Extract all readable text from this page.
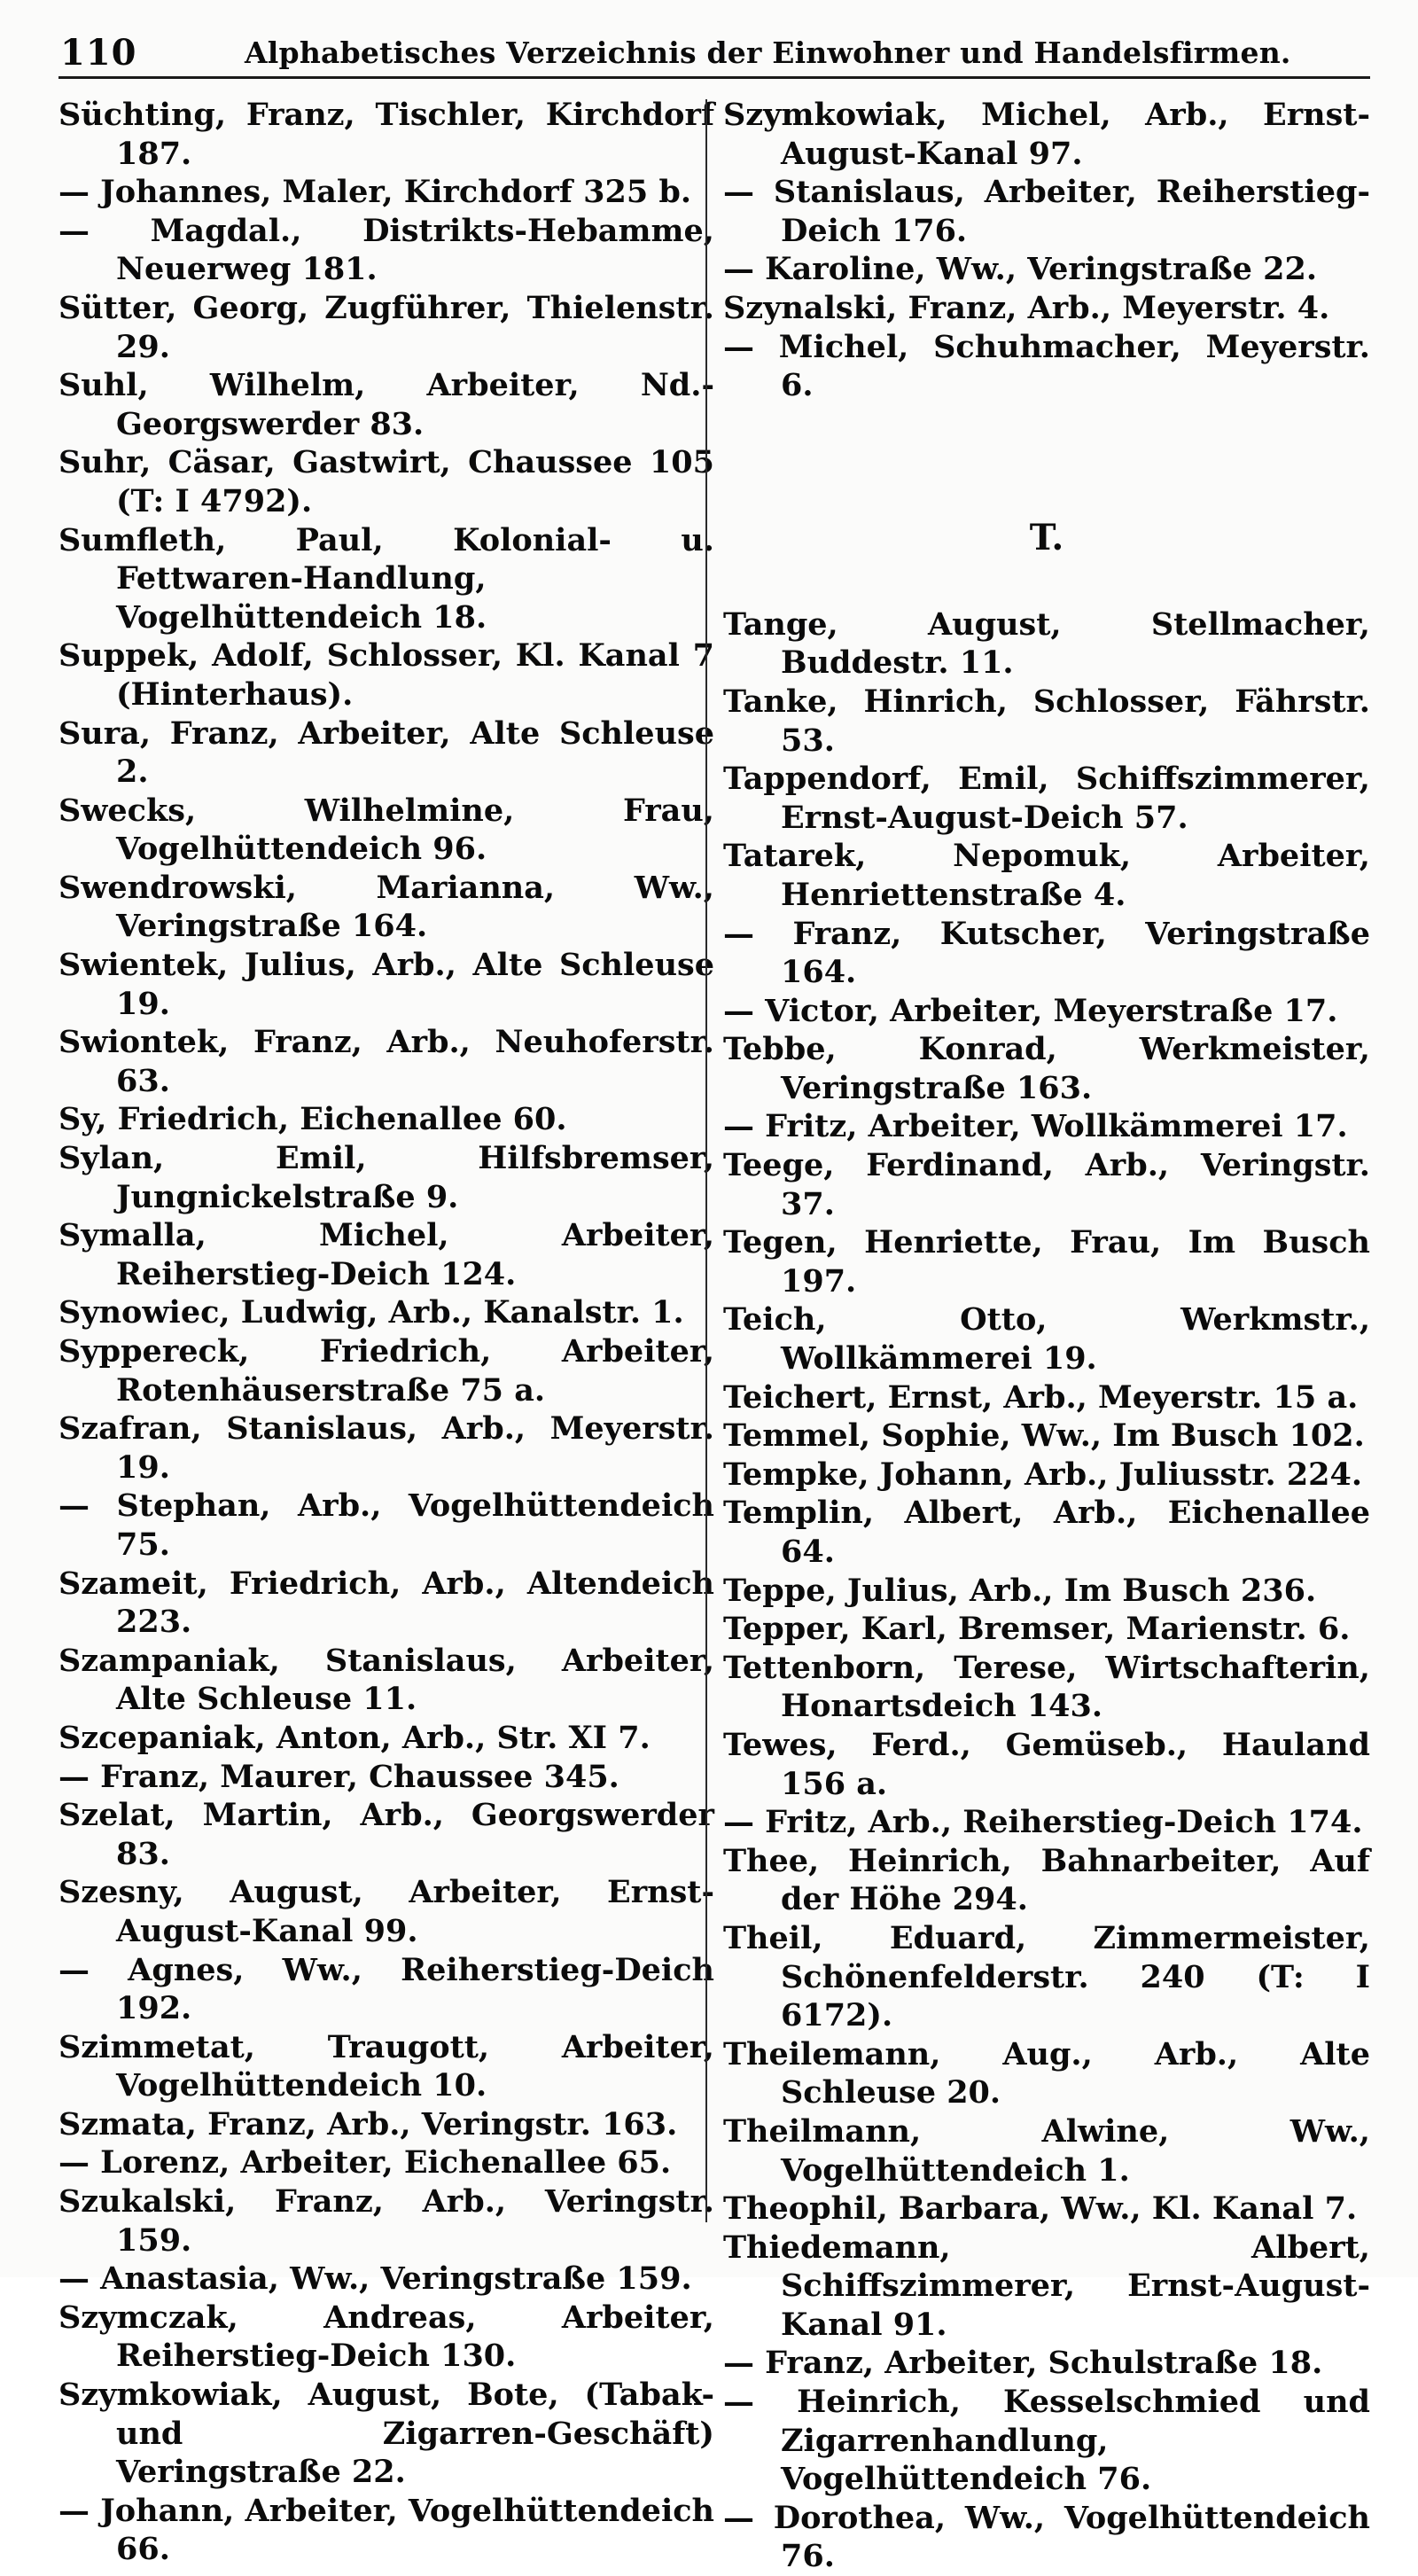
110	Alphabetisches Verzeichnis der Einwohner und Handelsfirmen.
Süchting, Franz, Tischler, Kirchdorf 187.
— Johannes, Maler, Kirchdorf 325 b.
— Magdal., Distrikts-Hebamme, Neuerweg 181.
Sütter, Georg, Zugführer, Thielenstr. 29.
Suhl, Wilhelm, Arbeiter, Nd.-Georgswerder 83.
Suhr, Cäsar, Gastwirt, Chaussee 105 (T: I 4792).
Sumfleth, Paul, Kolonial- u. Fettwaren-Handlung, Vogelhüttendeich 18.
Suppek, Adolf, Schlosser, Kl. Kanal 7 (Hinterhaus).
Sura, Franz, Arbeiter, Alte Schleuse 2.
Swecks, Wilhelmine, Frau, Vogelhüttendeich 96.
Swendrowski, Marianna, Ww., Veringstraße 164.
Swientek, Julius, Arb., Alte Schleuse 19.
Swiontek, Franz, Arb., Neuhoferstr. 63.
Sy, Friedrich, Eichenallee 60.
Sylan, Emil, Hilfsbremser, Jungnickelstraße 9.
Symalla, Michel, Arbeiter, Reiherstieg-Deich 124.
Synowiec, Ludwig, Arb., Kanalstr. 1.
Syppereck, Friedrich, Arbeiter, Rotenhäuserstraße 75 a.
Szafran, Stanislaus, Arb., Meyerstr. 19.
— Stephan, Arb., Vogelhüttendeich 75.
Szameit, Friedrich, Arb., Altendeich 223.
Szampaniak, Stanislaus, Arbeiter, Alte Schleuse 11.
Szcepaniak, Anton, Arb., Str. XI 7.
— Franz, Maurer, Chaussee 345.
Szelat, Martin, Arb., Georgswerder 83.
Szesny, August, Arbeiter, Ernst-August-Kanal 99.
— Agnes, Ww., Reiherstieg-Deich 192.
Szimmetat, Traugott, Arbeiter, Vogelhüttendeich 10.
Szmata, Franz, Arb., Veringstr. 163.
— Lorenz, Arbeiter, Eichenallee 65.
Szukalski, Franz, Arb., Veringstr. 159.
— Anastasia, Ww., Veringstraße 159.
Szymczak, Andreas, Arbeiter, Reiherstieg-Deich 130.
Szymkowiak, August, Bote, (Tabak- und Zigarren-Geschäft) Veringstraße 22.
— Johann, Arbeiter, Vogelhüttendeich 66.
Szymkowiak, Michel, Arb., Ernst-August-Kanal 97.
— Stanislaus, Arbeiter, Reiherstieg-Deich 176.
— Karoline, Ww., Veringstraße 22.
Szynalski, Franz, Arb., Meyerstr. 4.
— Michel, Schuhmacher, Meyerstr. 6.
T.
Tange, August, Stellmacher, Buddestr. 11.
Tanke, Hinrich, Schlosser, Fährstr. 53.
Tappendorf, Emil, Schiffszimmerer, Ernst-August-Deich 57.
Tatarek, Nepomuk, Arbeiter, Henriettenstraße 4.
— Franz, Kutscher, Veringstraße 164.
— Victor, Arbeiter, Meyerstraße 17.
Tebbe, Konrad, Werkmeister, Veringstraße 163.
— Fritz, Arbeiter, Wollkämmerei 17.
Teege, Ferdinand, Arb., Veringstr. 37.
Tegen, Henriette, Frau, Im Busch 197.
Teich, Otto, Werkmstr., Wollkämmerei 19.
Teichert, Ernst, Arb., Meyerstr. 15 a.
Temmel, Sophie, Ww., Im Busch 102.
Tempke, Johann, Arb., Juliusstr. 224.
Templin, Albert, Arb., Eichenallee 64.
Teppe, Julius, Arb., Im Busch 236.
Tepper, Karl, Bremser, Marienstr. 6.
Tettenborn, Terese, Wirtschafterin, Honartsdeich 143.
Tewes, Ferd., Gemüseb., Hauland 156 a.
— Fritz, Arb., Reiherstieg-Deich 174.
Thee, Heinrich, Bahnarbeiter, Auf der Höhe 294.
Theil, Eduard, Zimmermeister, Schönenfelderstr. 240 (T: I 6172).
Theilemann, Aug., Arb., Alte Schleuse 20.
Theilmann, Alwine, Ww., Vogelhüttendeich 1.
Theophil, Barbara, Ww., Kl. Kanal 7.
Thiedemann, Albert, Schiffszimmerer, Ernst-August-Kanal 91.
— Franz, Arbeiter, Schulstraße 18.
— Heinrich, Kesselschmied und Zigarrenhandlung, Vogelhüttendeich 76.
— Dorothea, Ww., Vogelhüttendeich 76.
